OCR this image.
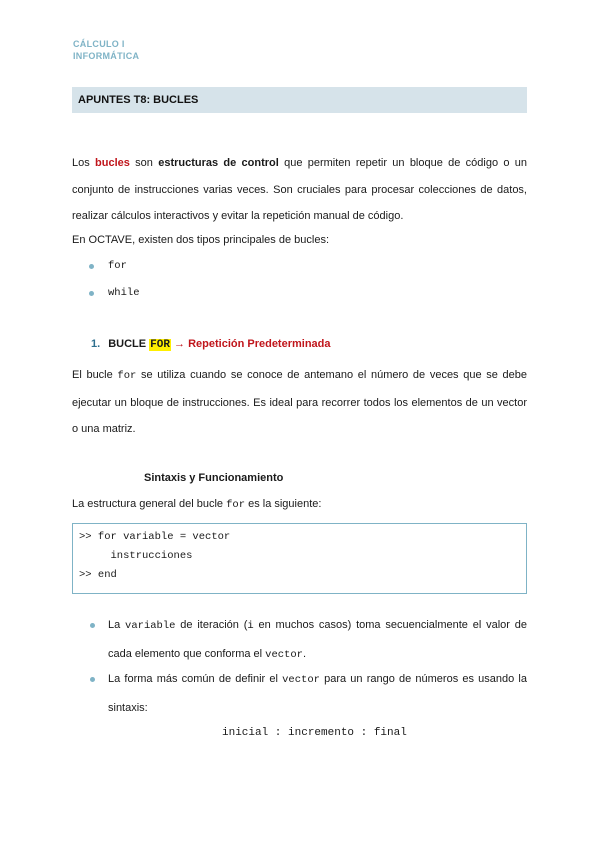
CÁLCULO I
INFORMÁTICA
APUNTES T8: BUCLES
Los bucles son estructuras de control que permiten repetir un bloque de código o un conjunto de instrucciones varias veces. Son cruciales para procesar colecciones de datos, realizar cálculos interactivos y evitar la repetición manual de código.
En OCTAVE, existen dos tipos principales de bucles:
for
while
1. BUCLE FOR → Repetición Predeterminada
El bucle for se utiliza cuando se conoce de antemano el número de veces que se debe ejecutar un bloque de instrucciones. Es ideal para recorrer todos los elementos de un vector o una matriz.
Sintaxis y Funcionamiento
La estructura general del bucle for es la siguiente:
>> for variable = vector
instrucciones
>> end
La variable de iteración (i en muchos casos) toma secuencialmente el valor de cada elemento que conforma el vector.
La forma más común de definir el vector para un rango de números es usando la sintaxis:
inicial : incremento : final
